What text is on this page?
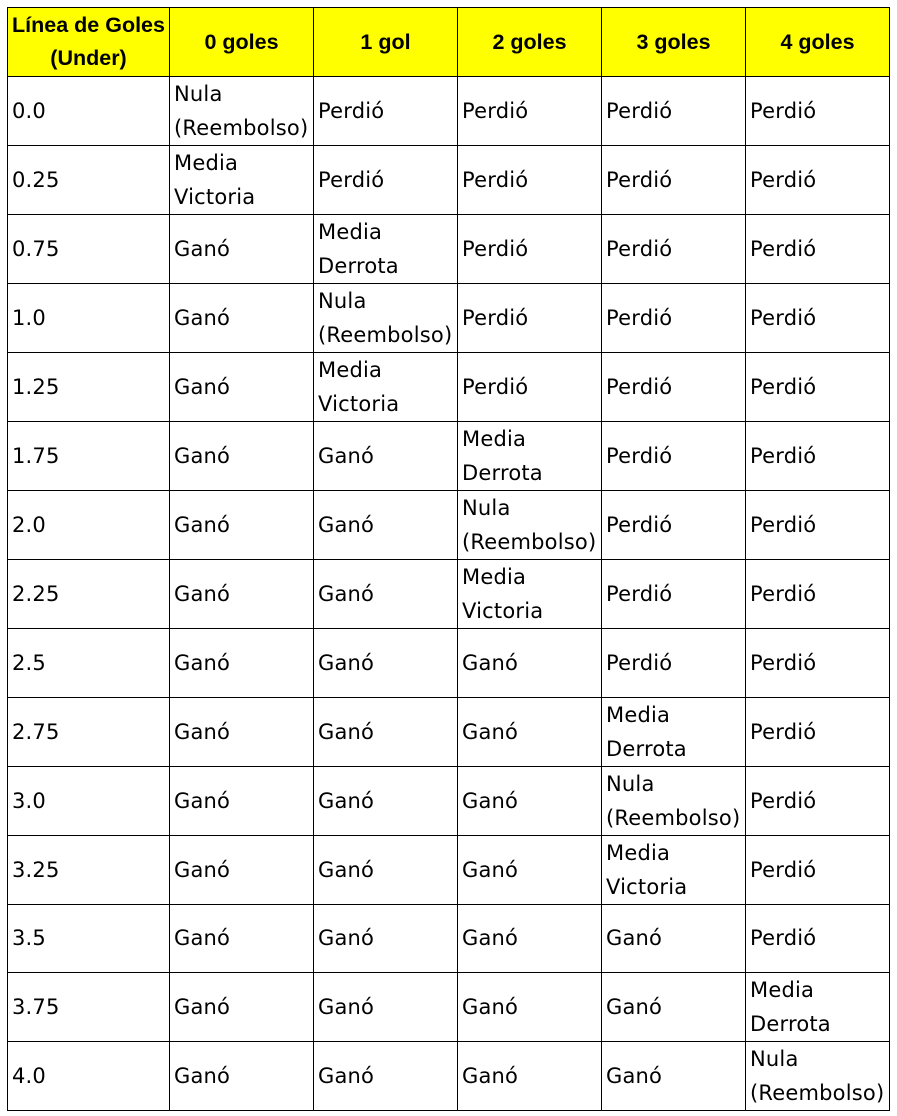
Línea de Goles (Under)	0 goles	1 gol	2 goles	3 goles	4 goles

0.0	Nula (Reembolso)	Perdió	Perdió	Perdió	Perdió

0.25	Media Victoria	Perdió	Perdió	Perdió	Perdió

0.75	Ganó	Media Derrota	Perdió	Perdió	Perdió

1.0	Ganó	Nula (Reembolso)	Perdió	Perdió	Perdió

1.25	Ganó	Media Victoria	Perdió	Perdió	Perdió

1.75	Ganó	Ganó	Media Derrota	Perdió	Perdió

2.0	Ganó	Ganó	Nula (Reembolso)	Perdió	Perdió

2.25	Ganó	Ganó	Media Victoria	Perdió	Perdió

2.5	Ganó	Ganó	Ganó	Perdió	Perdió

2.75	Ganó	Ganó	Ganó	Media Derrota	Perdió

3.0	Ganó	Ganó	Ganó	Nula (Reembolso)	Perdió

3.25	Ganó	Ganó	Ganó	Media Victoria	Perdió

3.5	Ganó	Ganó	Ganó	Ganó	Perdió

3.75	Ganó	Ganó	Ganó	Ganó	Media Derrota

4.0	Ganó	Ganó	Ganó	Ganó	Nula (Reembolso)
